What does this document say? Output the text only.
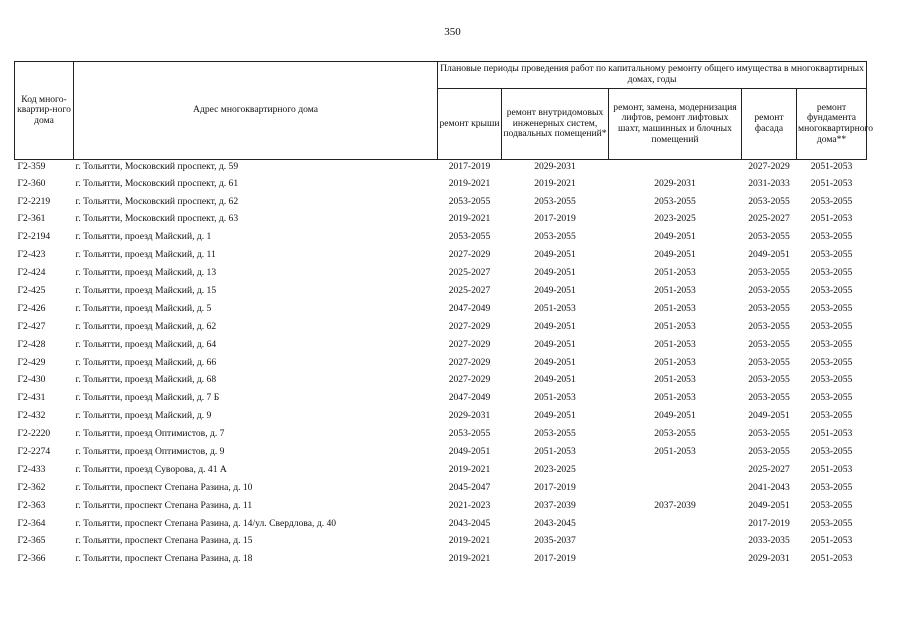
350
Код много-квартир-ного дома	Адрес многоквартирного дома	Плановые периоды проведения работ по капитальному ремонту общего имущества в многоквартирных домах, годы				
		ремонт крыши	ремонт внутридомовых инженерных систем, подвальных помещений*	ремонт, замена, модернизация лифтов, ремонт лифтовых шахт, машинных и блочных помещений	ремонт фасада	ремонт фундамента многоквартирного дома**
Г2-359	г. Тольятти, Московский проспект, д. 59	2017-2019	2029-2031		2027-2029	2051-2053
Г2-360	г. Тольятти, Московский проспект, д. 61	2019-2021	2019-2021	2029-2031	2031-2033	2051-2053
Г2-2219	г. Тольятти, Московский проспект, д. 62	2053-2055	2053-2055	2053-2055	2053-2055	2053-2055
Г2-361	г. Тольятти, Московский проспект, д. 63	2019-2021	2017-2019	2023-2025	2025-2027	2051-2053
Г2-2194	г. Тольятти, проезд Майский, д. 1	2053-2055	2053-2055	2049-2051	2053-2055	2053-2055
Г2-423	г. Тольятти, проезд Майский, д. 11	2027-2029	2049-2051	2049-2051	2049-2051	2053-2055
Г2-424	г. Тольятти, проезд Майский, д. 13	2025-2027	2049-2051	2051-2053	2053-2055	2053-2055
Г2-425	г. Тольятти, проезд Майский, д. 15	2025-2027	2049-2051	2051-2053	2053-2055	2053-2055
Г2-426	г. Тольятти, проезд Майский, д. 5	2047-2049	2051-2053	2051-2053	2053-2055	2053-2055
Г2-427	г. Тольятти, проезд Майский, д. 62	2027-2029	2049-2051	2051-2053	2053-2055	2053-2055
Г2-428	г. Тольятти, проезд Майский, д. 64	2027-2029	2049-2051	2051-2053	2053-2055	2053-2055
Г2-429	г. Тольятти, проезд Майский, д. 66	2027-2029	2049-2051	2051-2053	2053-2055	2053-2055
Г2-430	г. Тольятти, проезд Майский, д. 68	2027-2029	2049-2051	2051-2053	2053-2055	2053-2055
Г2-431	г. Тольятти, проезд Майский, д. 7 Б	2047-2049	2051-2053	2051-2053	2053-2055	2053-2055
Г2-432	г. Тольятти, проезд Майский, д. 9	2029-2031	2049-2051	2049-2051	2049-2051	2053-2055
Г2-2220	г. Тольятти, проезд Оптимистов, д. 7	2053-2055	2053-2055	2053-2055	2053-2055	2051-2053
Г2-2274	г. Тольятти, проезд Оптимистов, д. 9	2049-2051	2051-2053	2051-2053	2053-2055	2053-2055
Г2-433	г. Тольятти, проезд Суворова, д. 41 А	2019-2021	2023-2025		2025-2027	2051-2053
Г2-362	г. Тольятти, проспект Степана Разина, д. 10	2045-2047	2017-2019		2041-2043	2053-2055
Г2-363	г. Тольятти, проспект Степана Разина, д. 11	2021-2023	2037-2039	2037-2039	2049-2051	2053-2055
Г2-364	г. Тольятти, проспект Степана Разина, д. 14/ул. Свердлова, д. 40	2043-2045	2043-2045		2017-2019	2053-2055
Г2-365	г. Тольятти, проспект Степана Разина, д. 15	2019-2021	2035-2037		2033-2035	2051-2053
Г2-366	г. Тольятти, проспект Степана Разина, д. 18	2019-2021	2017-2019		2029-2031	2051-2053
